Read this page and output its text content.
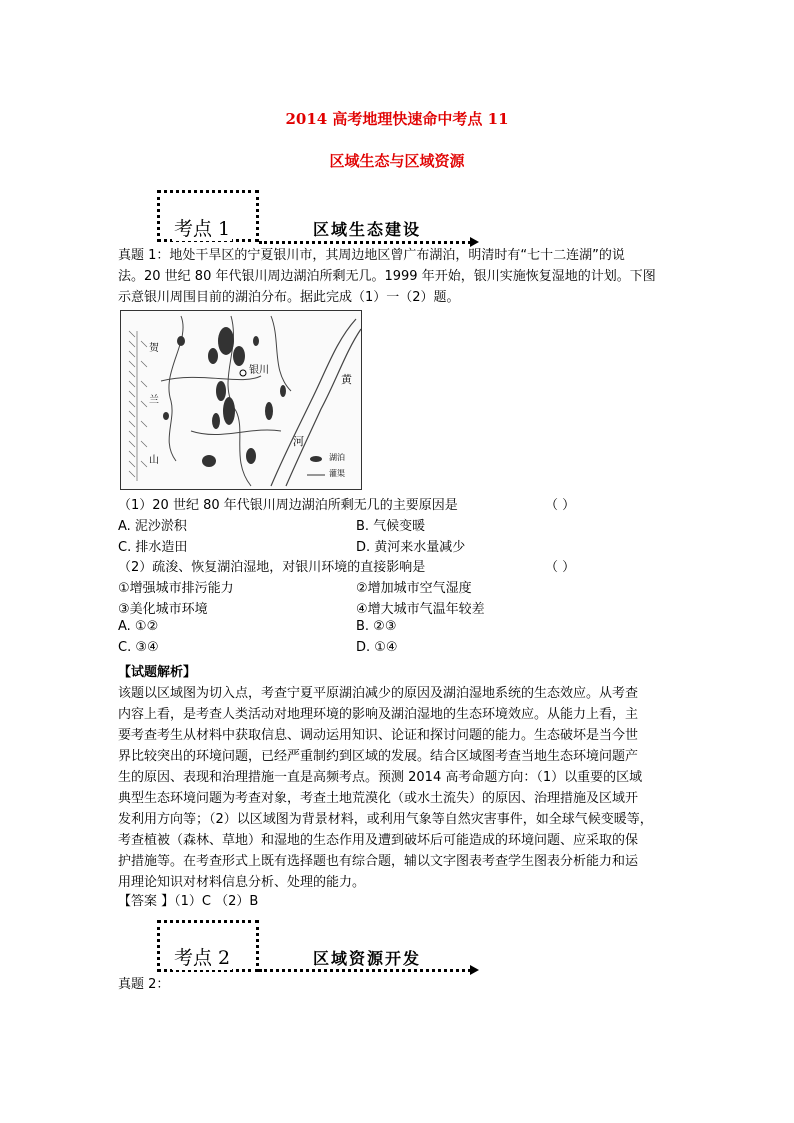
2014 高考地理快速命中考点 11
区域生态与区域资源
考点 1	区域生态建设
真题 1：地处干旱区的宁夏银川市，其周边地区曾广布湖泊，明清时有“七十二连湖”的说
法。20 世纪 80 年代银川周边湖泊所剩无几。1999 年开始，银川实施恢复湿地的计划。下图
示意银川周围目前的湖泊分布。据此完成（1）一（2）题。
银川
黄
河
贺
兰
山	湖泊
灌渠
（1）20 世纪 80 年代银川周边湖泊所剩无几的主要原因是	（ ）
A. 泥沙淤积	B. 气候变暖
C. 排水造田	D. 黄河来水量减少
（2）疏浚、恢复湖泊湿地，对银川环境的直接影响是	（ ）
①增强城市排污能力	②增加城市空气湿度
③美化城市环境	④增大城市气温年较差
A. ①②	B. ②③
C. ③④	D. ①④
【试题解析】
该题以区域图为切入点，考查宁夏平原湖泊减少的原因及湖泊湿地系统的生态效应。从考查
内容上看，是考查人类活动对地理环境的影响及湖泊湿地的生态环境效应。从能力上看，主
要考查考生从材料中获取信息、调动运用知识、论证和探讨问题的能力。生态破坏是当今世
界比较突出的环境问题，已经严重制约到区域的发展。结合区域图考查当地生态环境问题产
生的原因、表现和治理措施一直是高频考点。预测 2014 高考命题方向：（1）以重要的区域
典型生态环境问题为考查对象，考查土地荒漠化（或水土流失）的原因、治理措施及区域开
发利用方向等；（2）以区域图为背景材料，或利用气象等自然灾害事件，如全球气候变暖等，
考查植被（森林、草地）和湿地的生态作用及遭到破坏后可能造成的环境问题、应采取的保
护措施等。在考查形式上既有选择题也有综合题，辅以文字图表考查学生图表分析能力和运
用理论知识对材料信息分析、处理的能力。
【答案 】（1）C （2）B
考点 2	区域资源开发
真题 2：
